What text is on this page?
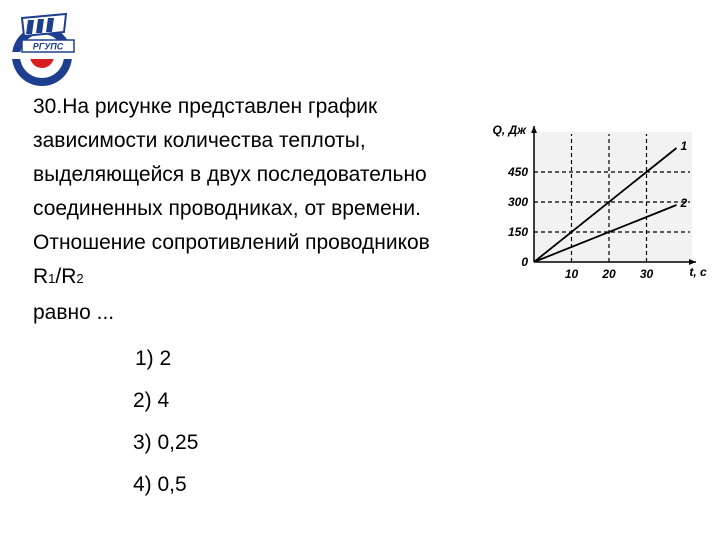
РГУПС
30.На рисунке представлен график зависимости количества теплоты, выделяющейся в двух последовательно соединенных проводниках, от времени. Отношение сопротивлений проводников R1/R2
равно ...
0
150
300
450
10 20 30
Q, Дж
t, c
1
2
1) 2
2) 4
3) 0,25
4) 0,5
